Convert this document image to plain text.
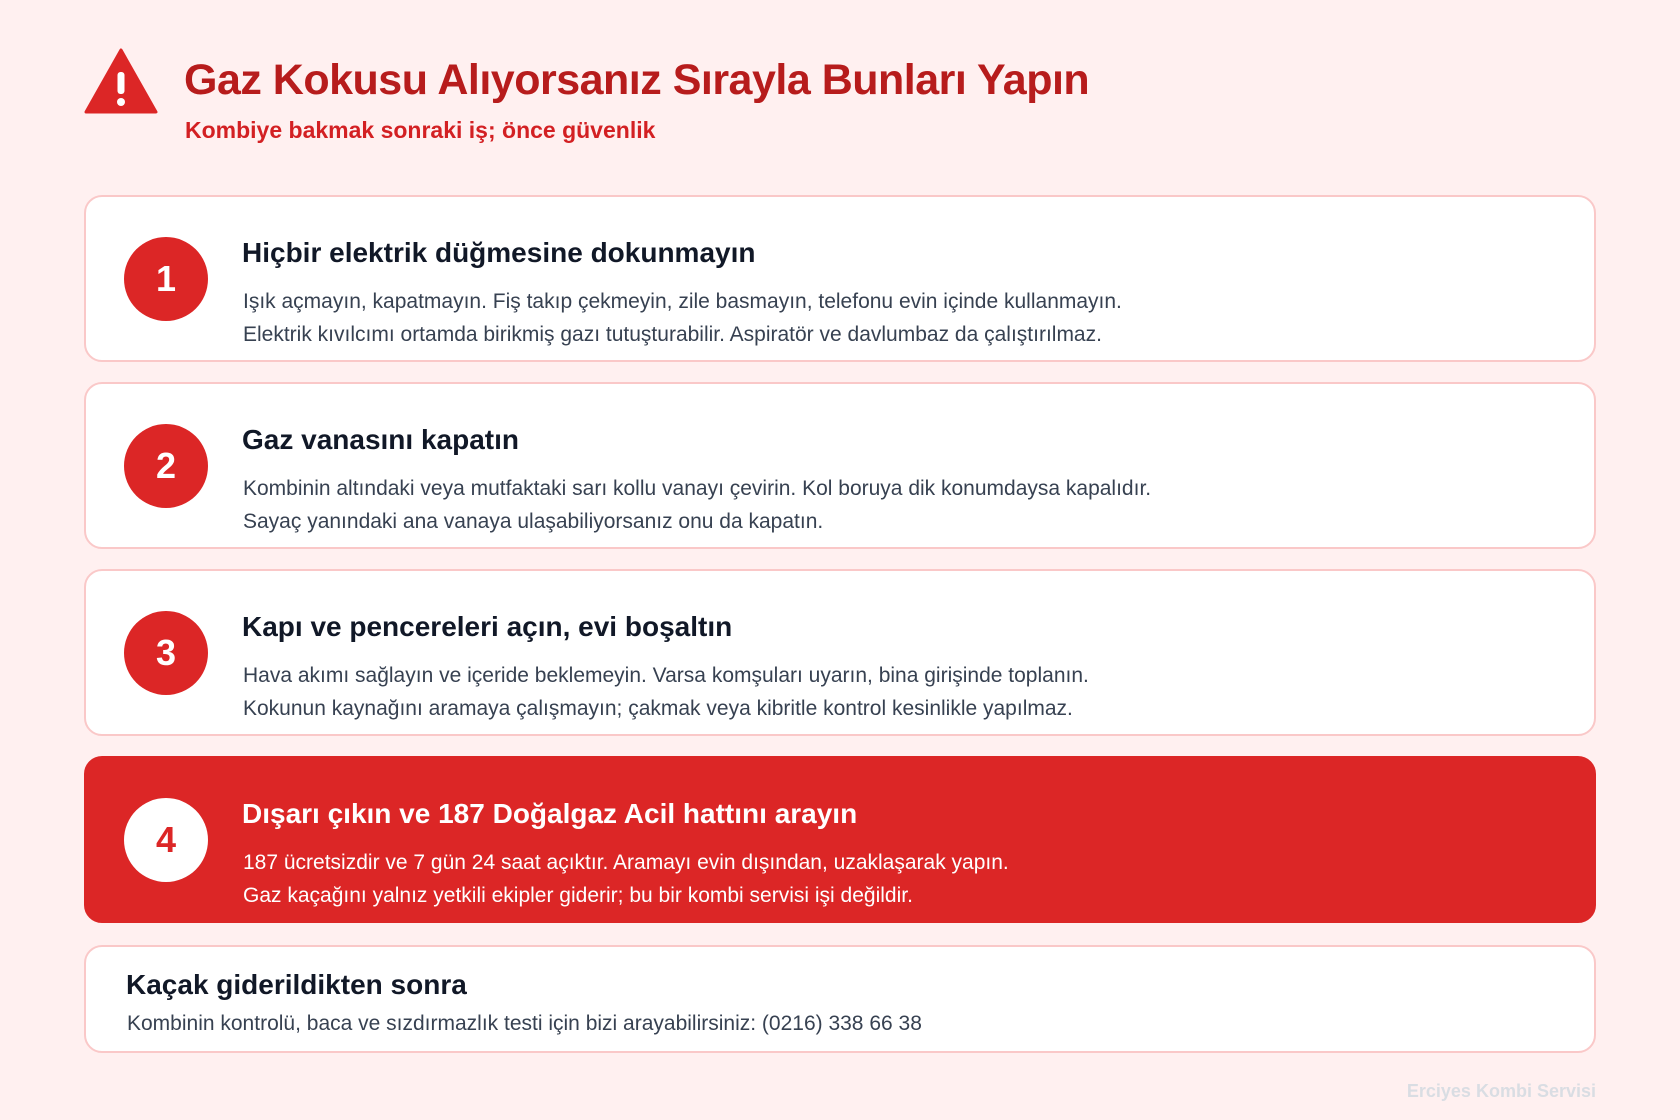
Gaz Kokusu Alıyorsanız Sırayla Bunları Yapın

Kombiye bakmak sonraki iş; önce güvenlik

1
Hiçbir elektrik düğmesine dokunmayın

Işık açmayın, kapatmayın. Fiş takıp çekmeyin, zile basmayın, telefonu evin içinde kullanmayın.
Elektrik kıvılcımı ortamda birikmiş gazı tutuşturabilir. Aspiratör ve davlumbaz da çalıştırılmaz.

2
Gaz vanasını kapatın

Kombinin altındaki veya mutfaktaki sarı kollu vanayı çevirin. Kol boruya dik konumdaysa kapalıdır.
Sayaç yanındaki ana vanaya ulaşabiliyorsanız onu da kapatın.

3
Kapı ve pencereleri açın, evi boşaltın

Hava akımı sağlayın ve içeride beklemeyin. Varsa komşuları uyarın, bina girişinde toplanın.
Kokunun kaynağını aramaya çalışmayın; çakmak veya kibritle kontrol kesinlikle yapılmaz.

4
Dışarı çıkın ve 187 Doğalgaz Acil hattını arayın

187 ücretsizdir ve 7 gün 24 saat açıktır. Aramayı evin dışından, uzaklaşarak yapın.
Gaz kaçağını yalnız yetkili ekipler giderir; bu bir kombi servisi işi değildir.

Kaçak giderildikten sonra

Kombinin kontrolü, baca ve sızdırmazlık testi için bizi arayabilirsiniz: (0216) 338 66 38

Erciyes Kombi Servisi
